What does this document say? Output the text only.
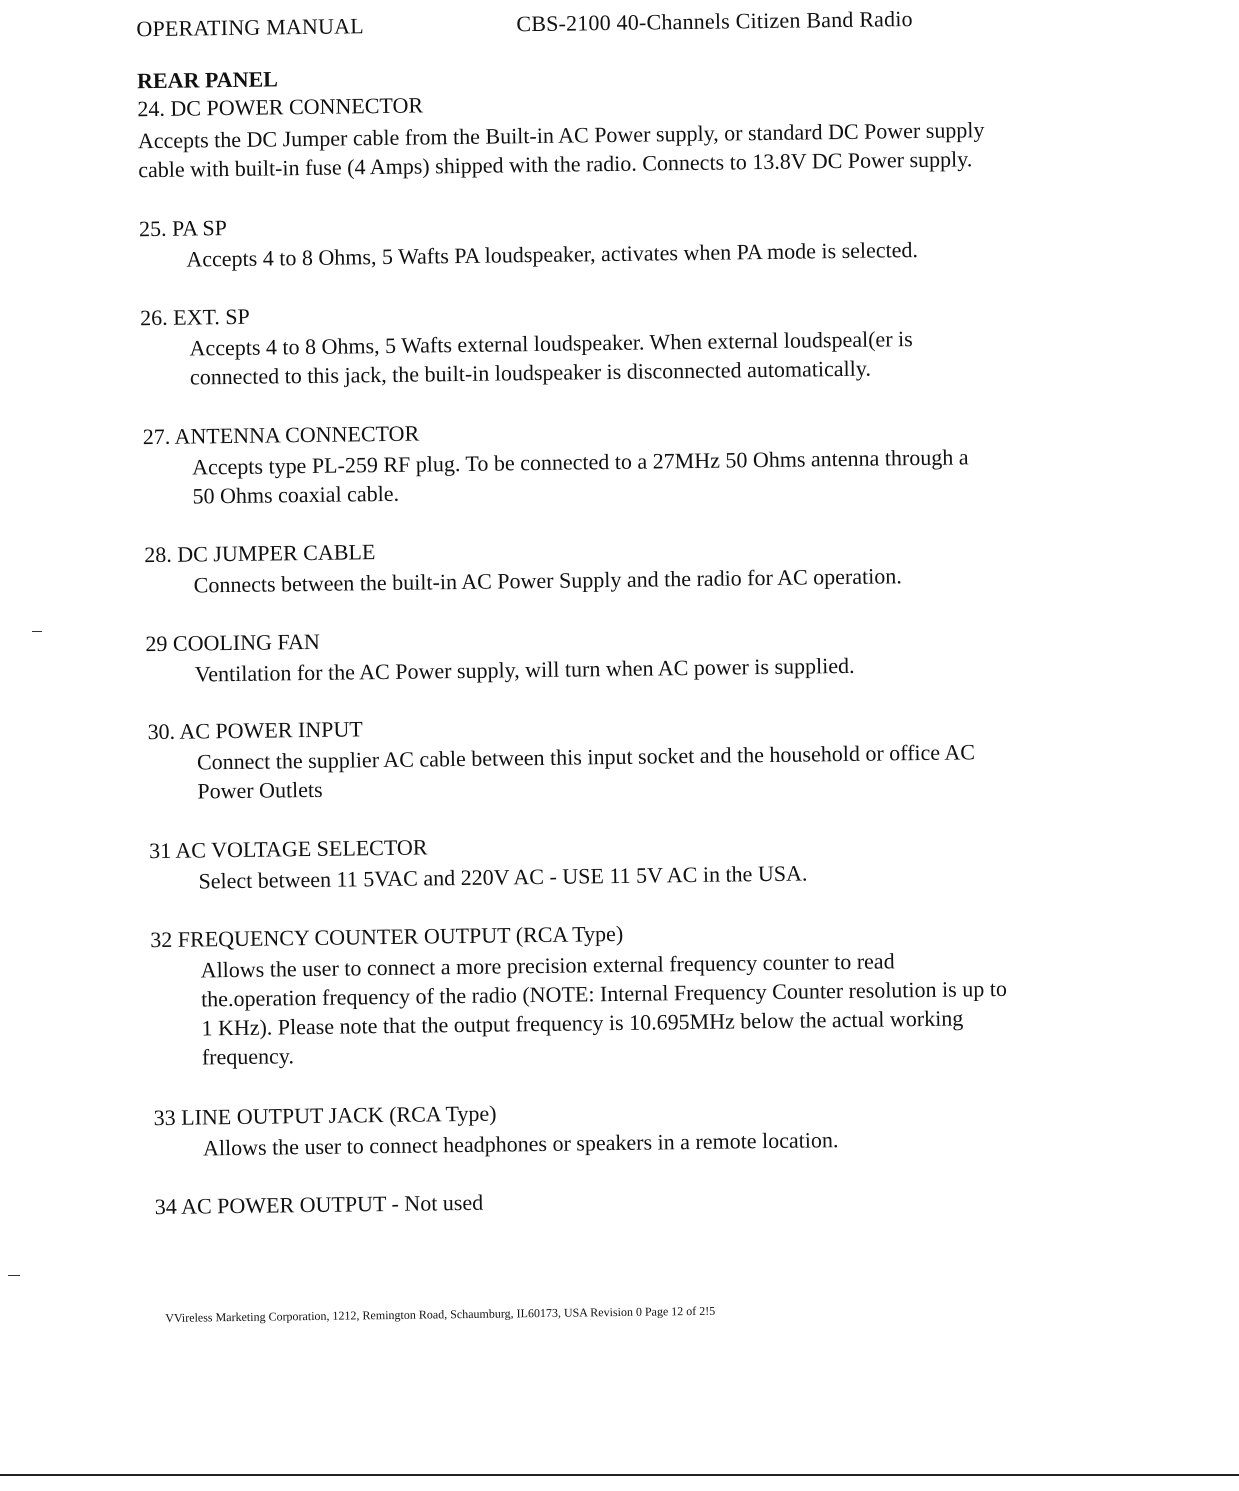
OPERATING MANUAL	CBS-2100 40-Channels Citizen Band Radio
REAR PANEL
24. DC POWER CONNECTOR
Accepts the DC Jumper cable from the Built-in AC Power supply, or standard DC Power supply
cable with built-in fuse (4 Amps) shipped with the radio. Connects to 13.8V DC Power supply.
25. PA SP
Accepts 4 to 8 Ohms, 5 Wafts PA loudspeaker, activates when PA mode is selected.
26. EXT. SP
Accepts 4 to 8 Ohms, 5 Wafts external loudspeaker. When external loudspeal(er is
connected to this jack, the built-in loudspeaker is disconnected automatically.
27. ANTENNA CONNECTOR
Accepts type PL-259 RF plug. To be connected to a 27MHz 50 Ohms antenna through a
50 Ohms coaxial cable.
28. DC JUMPER CABLE
Connects between the built-in AC Power Supply and the radio for AC operation.
29 COOLING FAN
Ventilation for the AC Power supply, will turn when AC power is supplied.
30. AC POWER INPUT
Connect the supplier AC cable between this input socket and the household or office AC
Power Outlets
31 AC VOLTAGE SELECTOR
Select between 11 5VAC and 220V AC - USE 11 5V AC in the USA.
32 FREQUENCY COUNTER OUTPUT (RCA Type)
Allows the user to connect a more precision external frequency counter to read
the.operation frequency of the radio (NOTE: Internal Frequency Counter resolution is up to
1 KHz). Please note that the output frequency is 10.695MHz below the actual working
frequency.
33 LINE OUTPUT JACK (RCA Type)
Allows the user to connect headphones or speakers in a remote location.
34 AC POWER OUTPUT - Not used
VVireless Marketing Corporation, 1212, Remington Road, Schaumburg, IL60173, USA Revision 0 Page 12 of 2!5
